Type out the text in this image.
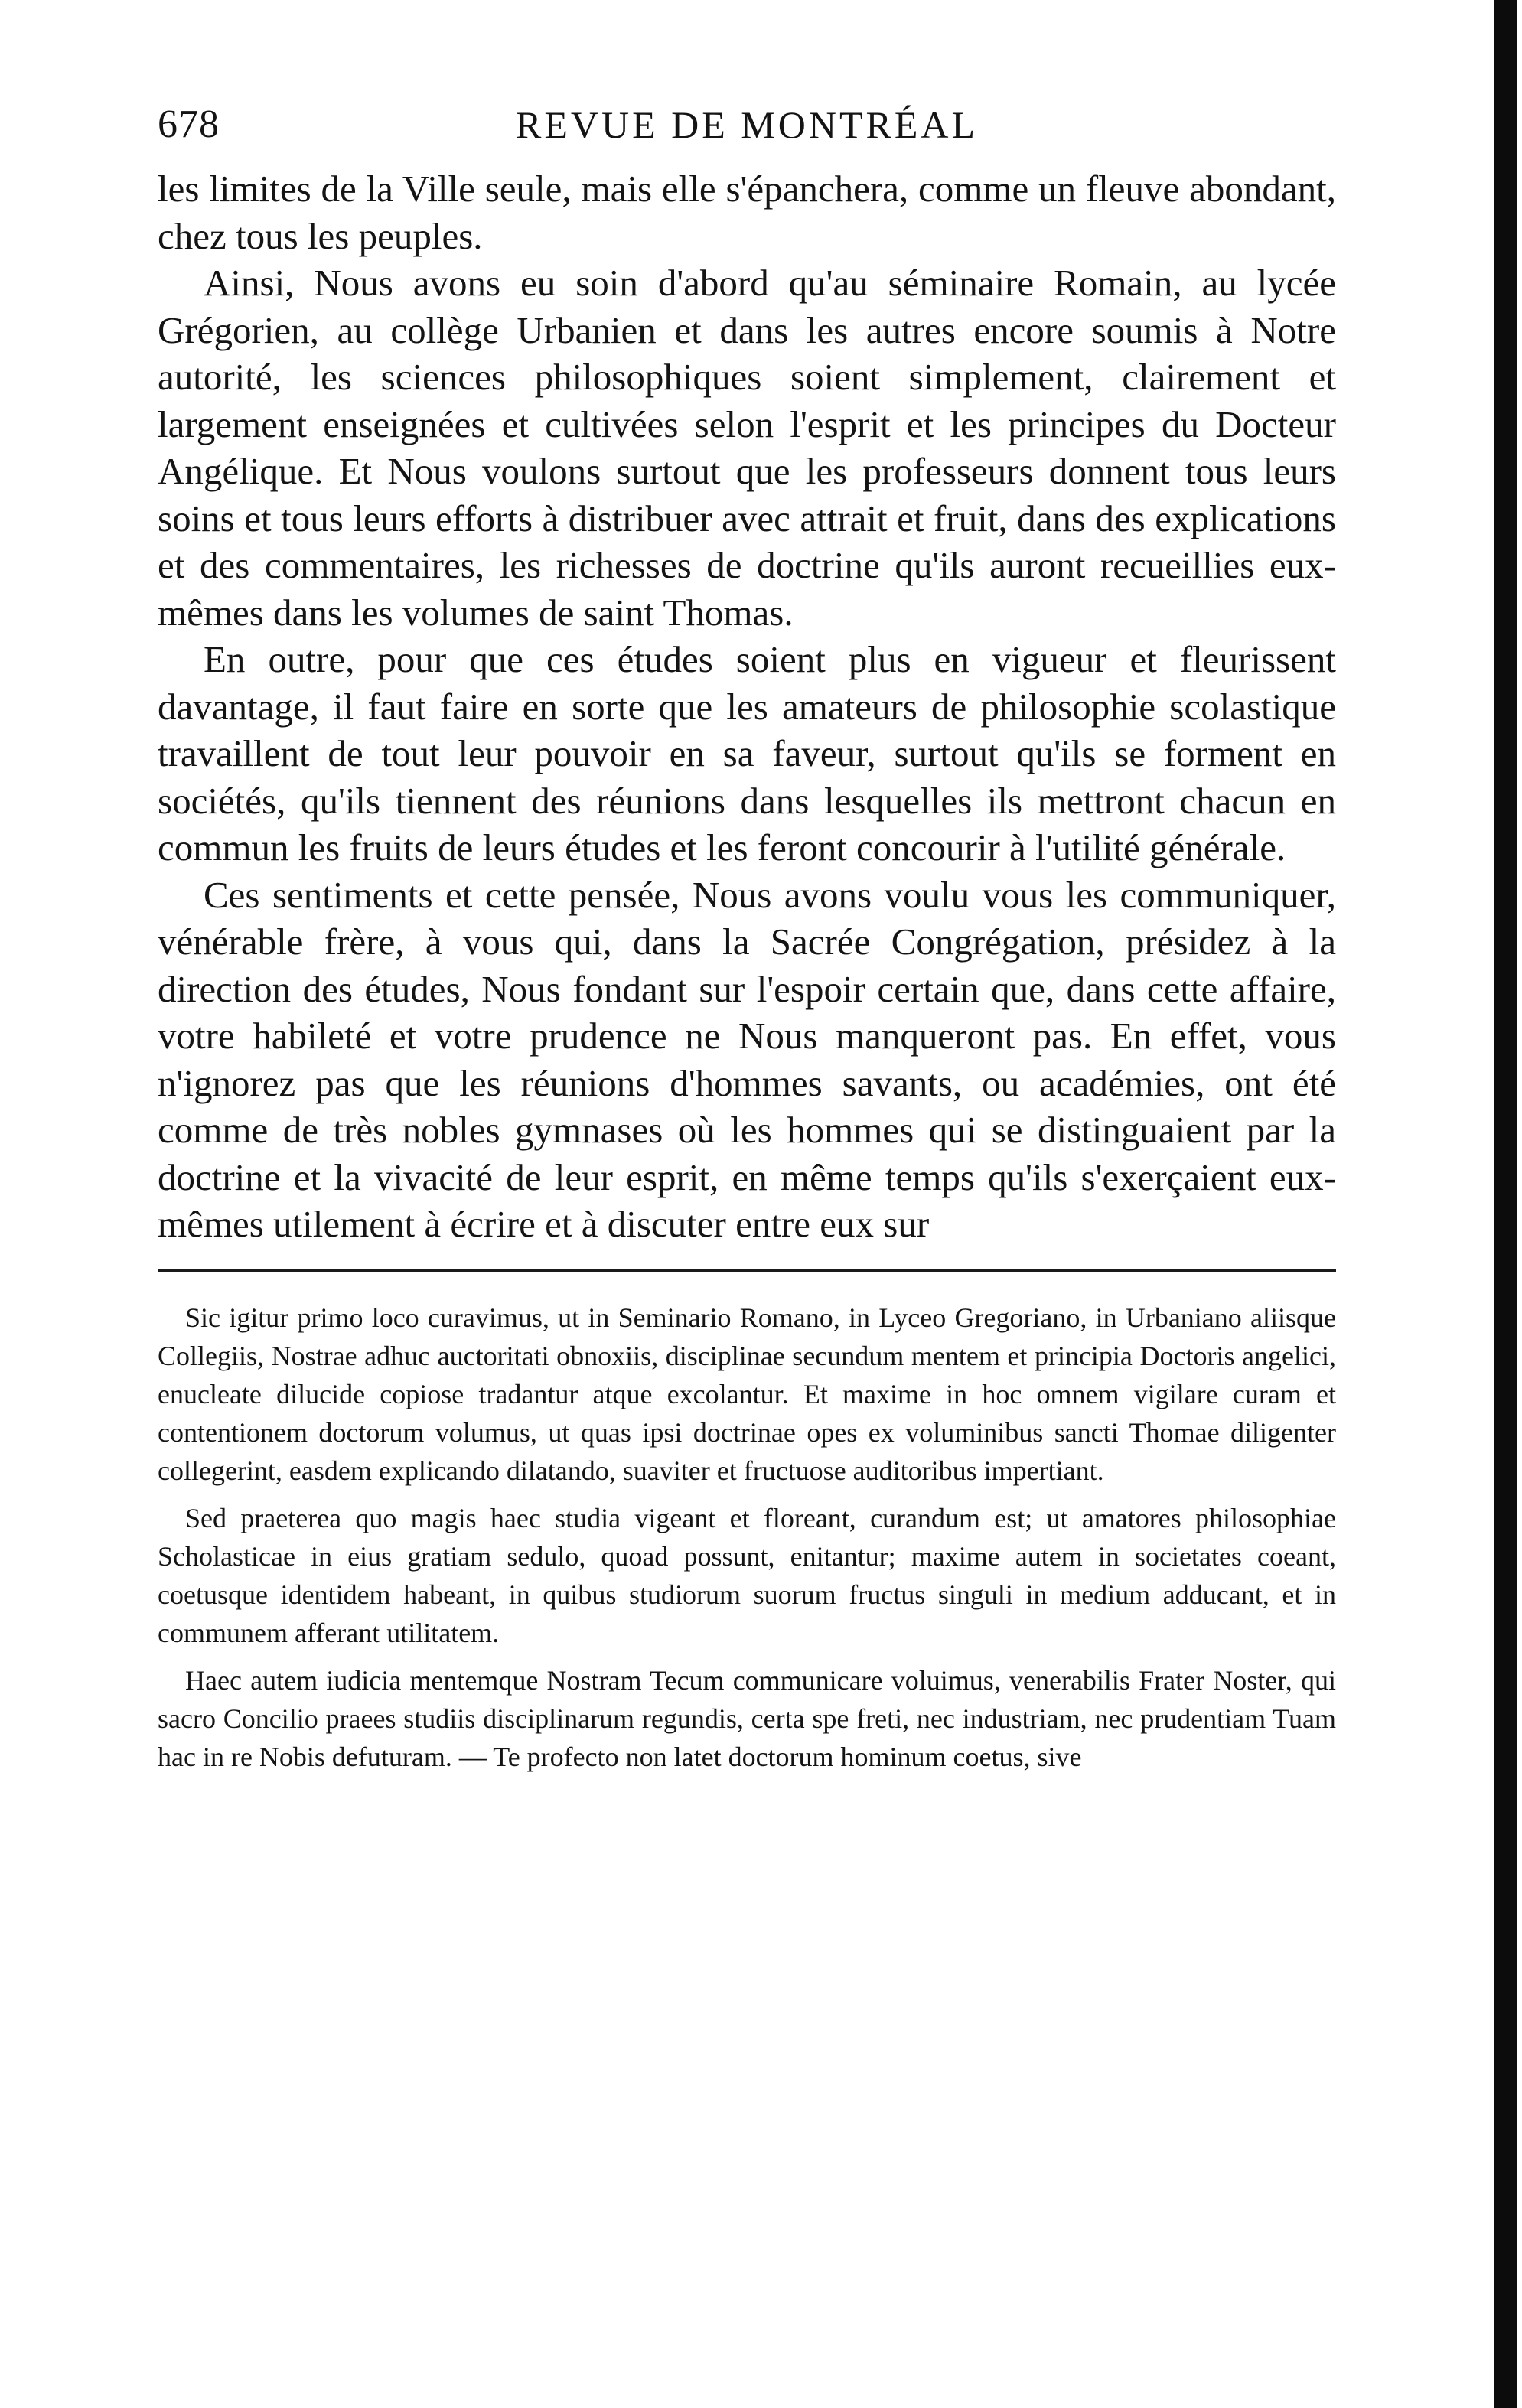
678	REVUE DE MONTRÉAL

les limites de la Ville seule, mais elle s'épanchera, comme un fleuve abondant, chez tous les peuples.

Ainsi, Nous avons eu soin d'abord qu'au séminaire Romain, au lycée Grégorien, au collège Urbanien et dans les autres encore soumis à Notre autorité, les sciences philosophiques soient simplement, clairement et largement enseignées et cultivées selon l'esprit et les principes du Docteur Angélique. Et Nous voulons surtout que les professeurs donnent tous leurs soins et tous leurs efforts à distribuer avec attrait et fruit, dans des explications et des commentaires, les richesses de doctrine qu'ils auront recueillies eux-mêmes dans les volumes de saint Thomas.

En outre, pour que ces études soient plus en vigueur et fleurissent davantage, il faut faire en sorte que les amateurs de philosophie scolastique travaillent de tout leur pouvoir en sa faveur, surtout qu'ils se forment en sociétés, qu'ils tiennent des réunions dans lesquelles ils mettront chacun en commun les fruits de leurs études et les feront concourir à l'utilité générale.

Ces sentiments et cette pensée, Nous avons voulu vous les communiquer, vénérable frère, à vous qui, dans la Sacrée Congrégation, présidez à la direction des études, Nous fondant sur l'espoir certain que, dans cette affaire, votre habileté et votre prudence ne Nous manqueront pas. En effet, vous n'ignorez pas que les réunions d'hommes savants, ou académies, ont été comme de très nobles gymnases où les hommes qui se distinguaient par la doctrine et la vivacité de leur esprit, en même temps qu'ils s'exerçaient eux-mêmes utilement à écrire et à discuter entre eux sur

Sic igitur primo loco curavimus, ut in Seminario Romano, in Lyceo Gregoriano, in Urbaniano aliisque Collegiis, Nostrae adhuc auctoritati obnoxiis, disciplinae secundum mentem et principia Doctoris angelici, enucleate dilucide copiose tradantur atque excolantur. Et maxime in hoc omnem vigilare curam et contentionem doctorum volumus, ut quas ipsi doctrinae opes ex voluminibus sancti Thomae diligenter collegerint, easdem explicando dilatando, suaviter et fructuose auditoribus impertiant.

Sed praeterea quo magis haec studia vigeant et floreant, curandum est; ut amatores philosophiae Scholasticae in eius gratiam sedulo, quoad possunt, enitantur; maxime autem in societates coeant, coetusque identidem habeant, in quibus studiorum suorum fructus singuli in medium adducant, et in communem afferant utilitatem.

Haec autem iudicia mentemque Nostram Tecum communicare voluimus, venerabilis Frater Noster, qui sacro Concilio praees studiis disciplinarum regundis, certa spe freti, nec industriam, nec prudentiam Tuam hac in re Nobis defuturam. — Te profecto non latet doctorum hominum coetus, sive
